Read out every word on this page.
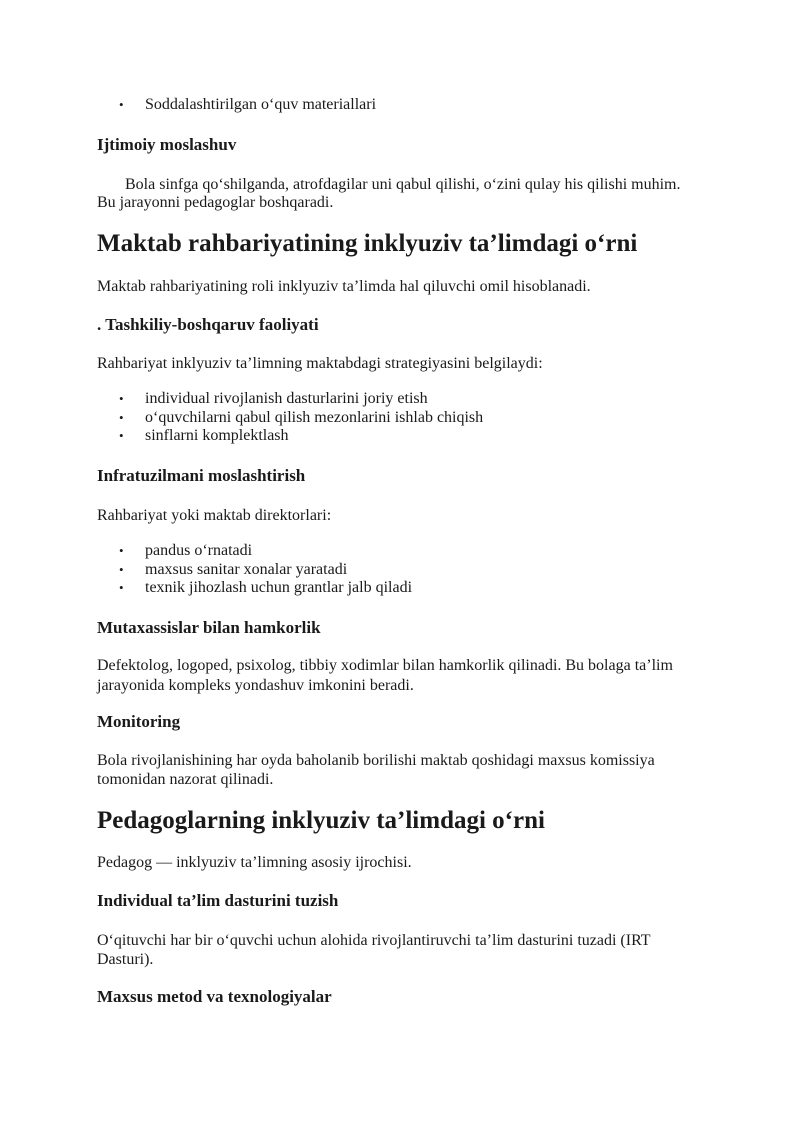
• Soddalashtirilgan o‘quv materiallari
Ijtimoiy moslashuv

Bola sinfga qo‘shilganda, atrofdagilar uni qabul qilishi, o‘zini qulay his qilishi muhim.

Bu jarayonni pedagoglar boshqaradi.

Maktab rahbariyatining inklyuziv ta’limdagi o‘rni

Maktab rahbariyatining roli inklyuziv ta’limda hal qiluvchi omil hisoblanadi.

. Tashkiliy-boshqaruv faoliyati

Rahbariyat inklyuziv ta’limning maktabdagi strategiyasini belgilaydi:

• individual rivojlanish dasturlarini joriy etish
• o‘quvchilarni qabul qilish mezonlarini ishlab chiqish
• sinflarni komplektlash
Infratuzilmani moslashtirish

Rahbariyat yoki maktab direktorlari:

• pandus o‘rnatadi
• maxsus sanitar xonalar yaratadi
• texnik jihozlash uchun grantlar jalb qiladi
Mutaxassislar bilan hamkorlik

Defektolog, logoped, psixolog, tibbiy xodimlar bilan hamkorlik qilinadi. Bu bolaga ta’lim

jarayonida kompleks yondashuv imkonini beradi.

Monitoring

Bola rivojlanishining har oyda baholanib borilishi maktab qoshidagi maxsus komissiya

tomonidan nazorat qilinadi.

Pedagoglarning inklyuziv ta’limdagi o‘rni

Pedagog — inklyuziv ta’limning asosiy ijrochisi.

Individual ta’lim dasturini tuzish

O‘qituvchi har bir o‘quvchi uchun alohida rivojlantiruvchi ta’lim dasturini tuzadi (IRT

Dasturi).

Maxsus metod va texnologiyalar
